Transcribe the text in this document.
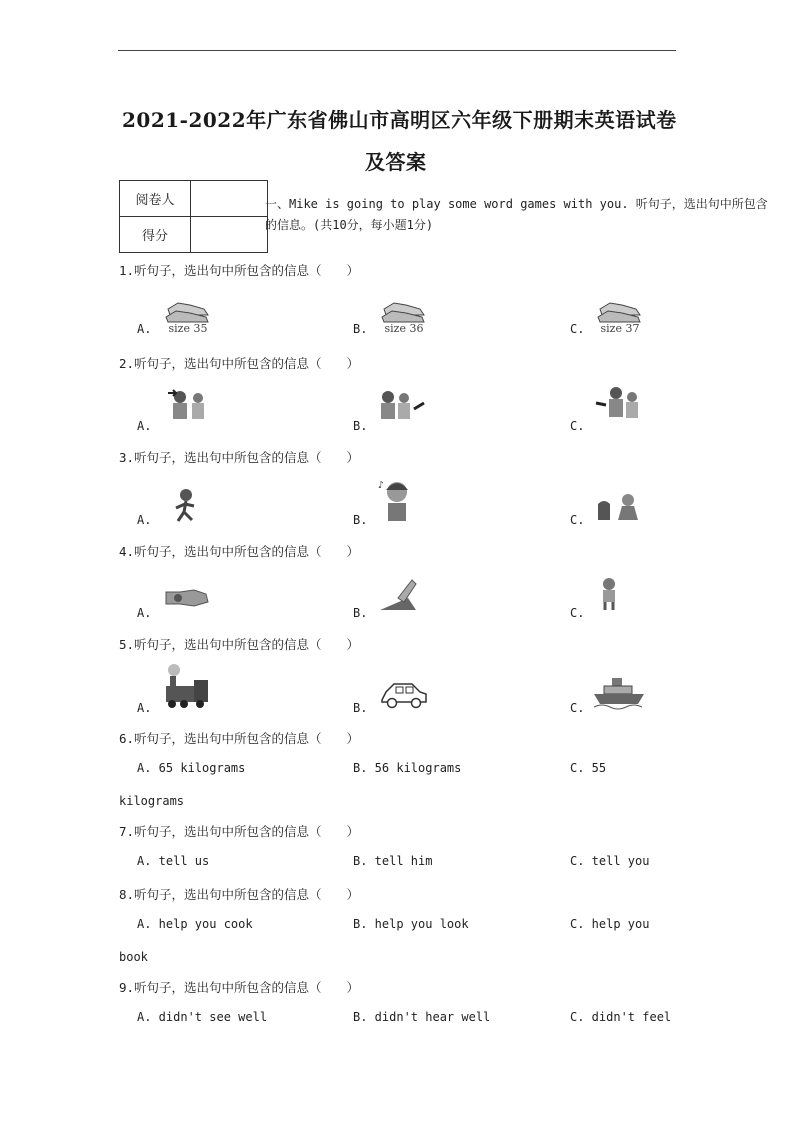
2021-2022年广东省佛山市高明区六年级下册期末英语试卷
及答案
阅卷人	
得分	
一、Mike is going to play some word games with you. 听句子，选出句中所包含
的信息。(共10分，每小题1分)
1.听句子，选出句中所包含的信息（　　）
A. size 35	B. size 36	C. size 37
2.听句子，选出句中所包含的信息（　　）
A.	B.	C.
3.听句子，选出句中所包含的信息（　　）
A.	B.
♪
C.
4.听句子，选出句中所包含的信息（　　）
A.	B.	C.
5.听句子，选出句中所包含的信息（　　）
A.	B.	C.
6.听句子，选出句中所包含的信息（　　）
A. 65 kilograms	B. 56 kilograms	C. 55
kilograms
7.听句子，选出句中所包含的信息（　　）
A. tell us	B. tell him	C. tell you
8.听句子，选出句中所包含的信息（　　）
A. help you cook	B. help you look	C. help you
book
9.听句子，选出句中所包含的信息（　　）
A. didn't see well	B. didn't hear well	C. didn't feel
